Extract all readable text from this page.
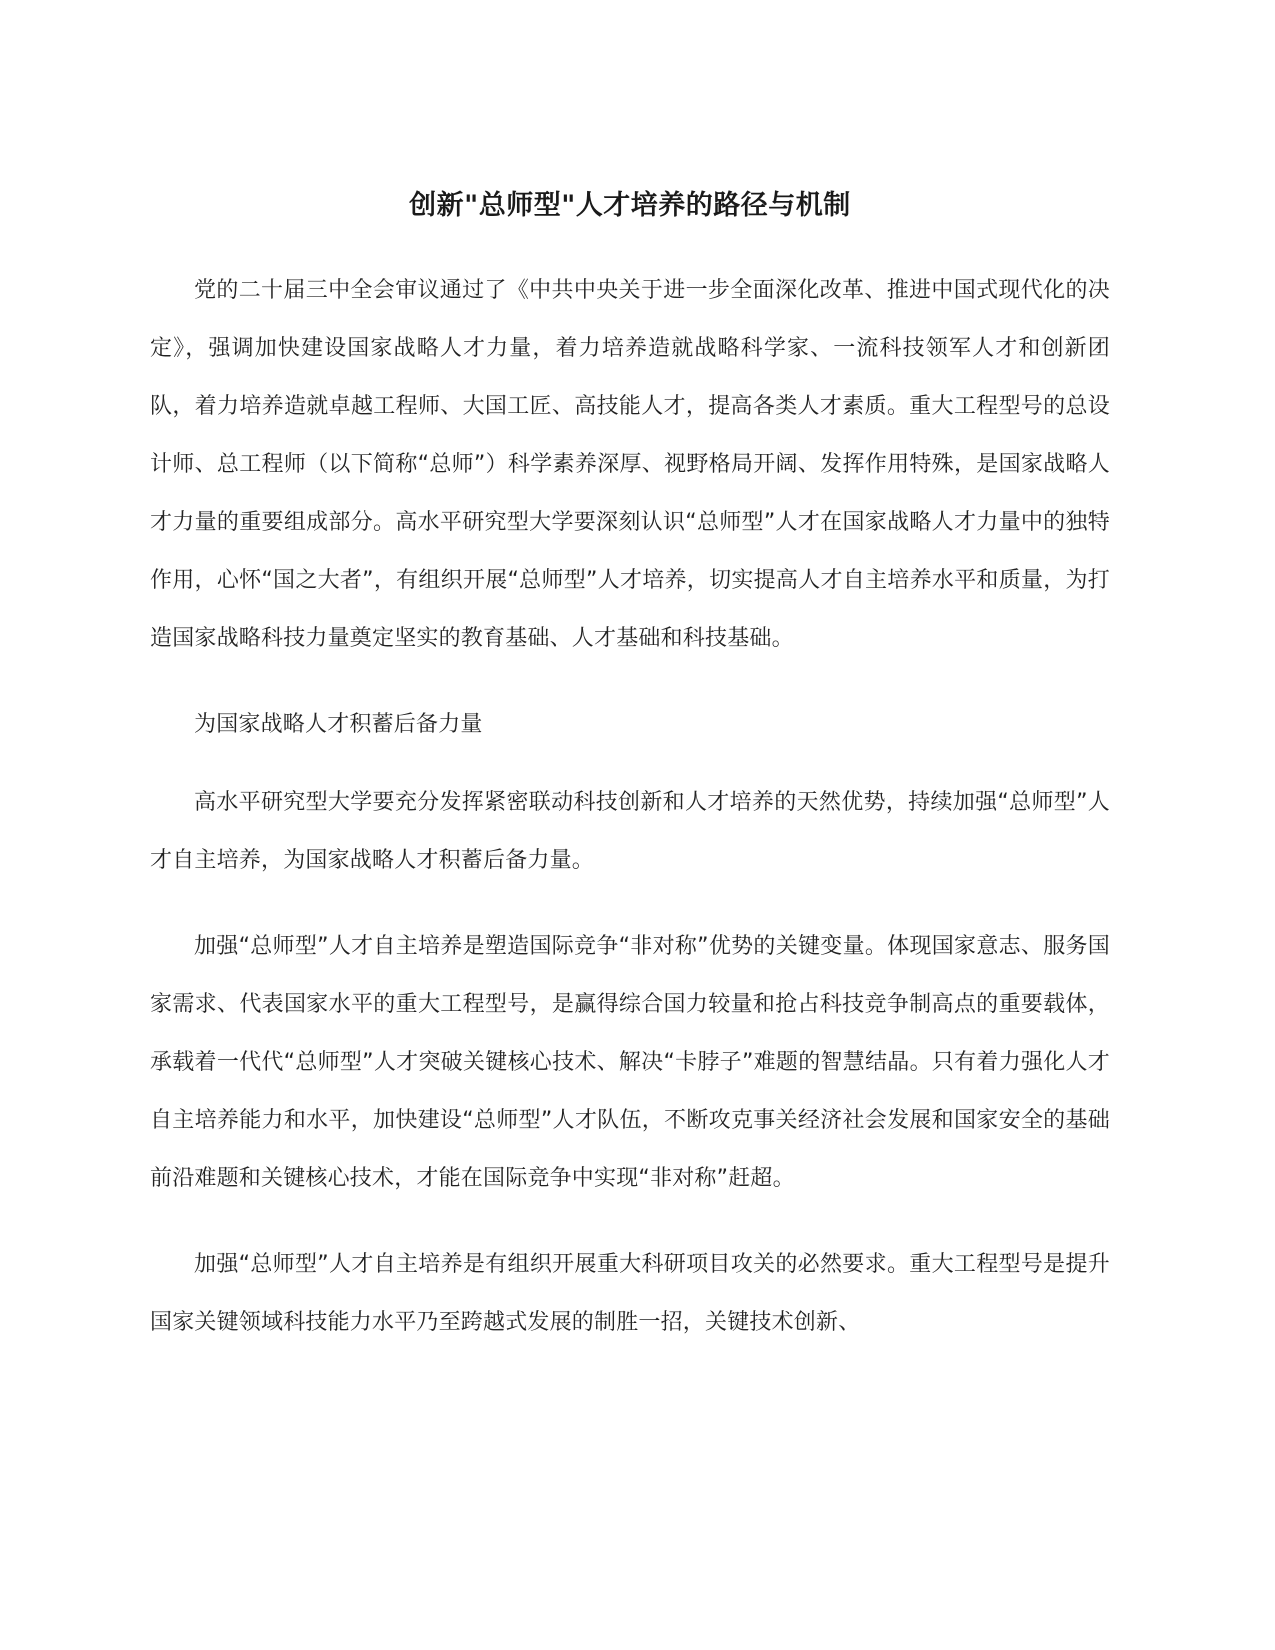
创新"总师型"人才培养的路径与机制

党的二十届三中全会审议通过了《中共中央关于进一步全面深化改革、推进中国式现代化的决定》，强调加快建设国家战略人才力量，着力培养造就战略科学家、一流科技领军人才和创新团队，着力培养造就卓越工程师、大国工匠、高技能人才，提高各类人才素质。重大工程型号的总设计师、总工程师（以下简称“总师”）科学素养深厚、视野格局开阔、发挥作用特殊，是国家战略人才力量的重要组成部分。高水平研究型大学要深刻认识“总师型”人才在国家战略人才力量中的独特作用，心怀“国之大者”，有组织开展“总师型”人才培养，切实提高人才自主培养水平和质量，为打造国家战略科技力量奠定坚实的教育基础、人才基础和科技基础。

为国家战略人才积蓄后备力量

高水平研究型大学要充分发挥紧密联动科技创新和人才培养的天然优势，持续加强“总师型”人才自主培养，为国家战略人才积蓄后备力量。

加强“总师型”人才自主培养是塑造国际竞争“非对称”优势的关键变量。体现国家意志、服务国家需求、代表国家水平的重大工程型号，是赢得综合国力较量和抢占科技竞争制高点的重要载体，承载着一代代“总师型”人才突破关键核心技术、解决“卡脖子”难题的智慧结晶。只有着力强化人才自主培养能力和水平，加快建设“总师型”人才队伍，不断攻克事关经济社会发展和国家安全的基础前沿难题和关键核心技术，才能在国际竞争中实现“非对称”赶超。

加强“总师型”人才自主培养是有组织开展重大科研项目攻关的必然要求。重大工程型号是提升国家关键领域科技能力水平乃至跨越式发展的制胜一招，关键技术创新、
